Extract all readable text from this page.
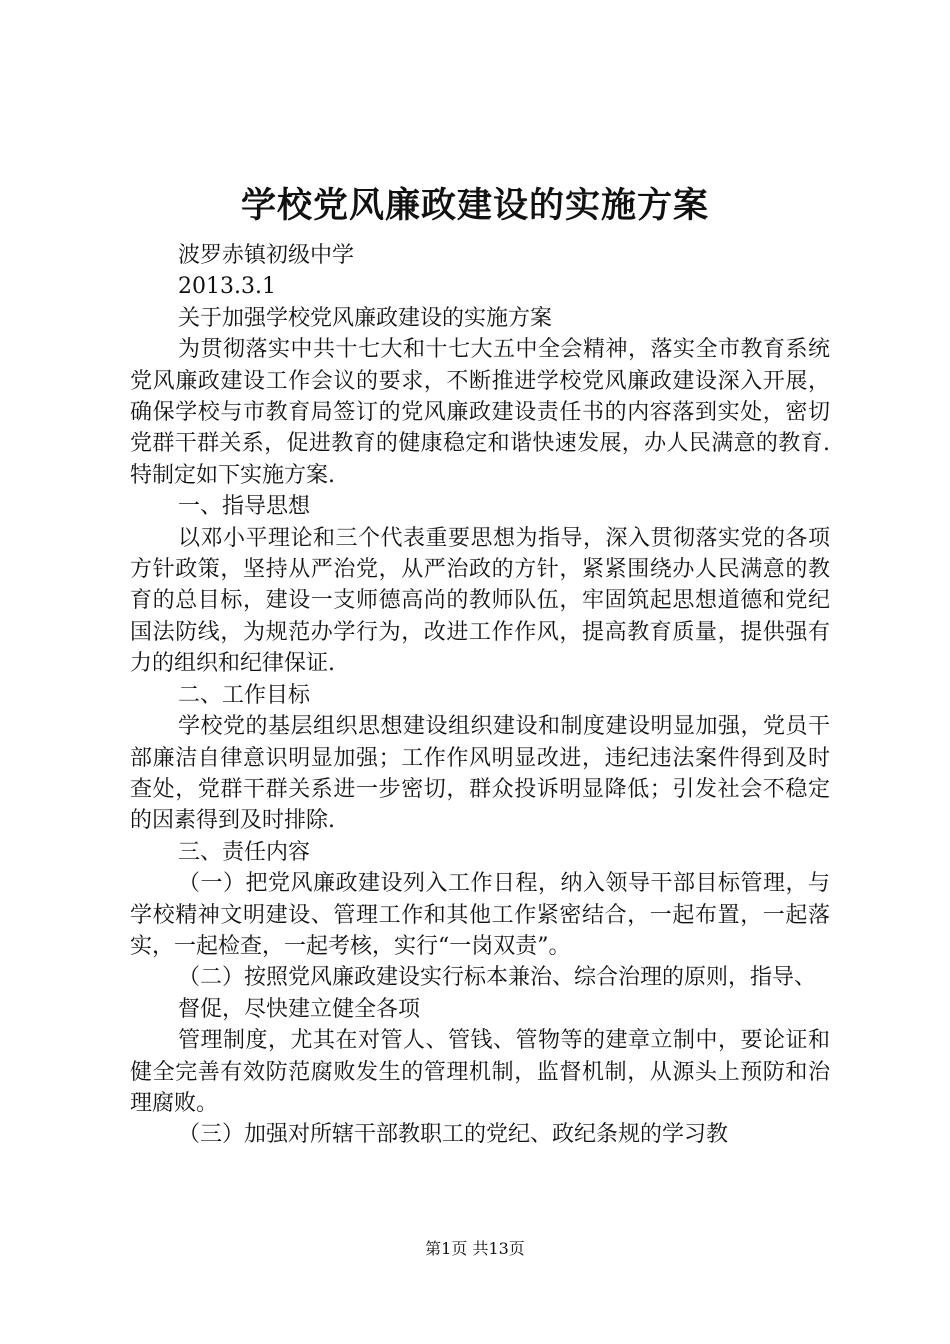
学校党风廉政建设的实施方案

波罗赤镇初级中学

2013.3.1

关于加强学校党风廉政建设的实施方案

为贯彻落实中共十七大和十七大五中全会精神，落实全市教育系统党风廉政建设工作会议的要求，不断推进学校党风廉政建设深入开展，确保学校与市教育局签订的党风廉政建设责任书的内容落到实处，密切党群干群关系，促进教育的健康稳定和谐快速发展，办人民满意的教育.特制定如下实施方案.

一、指导思想

以邓小平理论和三个代表重要思想为指导，深入贯彻落实党的各项方针政策，坚持从严治党，从严治政的方针，紧紧围绕办人民满意的教育的总目标，建设一支师德高尚的教师队伍，牢固筑起思想道德和党纪国法防线，为规范办学行为，改进工作作风，提高教育质量，提供强有力的组织和纪律保证.

二、工作目标

学校党的基层组织思想建设组织建设和制度建设明显加强，党员干部廉洁自律意识明显加强；工作作风明显改进，违纪违法案件得到及时查处，党群干群关系进一步密切，群众投诉明显降低；引发社会不稳定的因素得到及时排除.

三、责任内容

（一）把党风廉政建设列入工作日程，纳入领导干部目标管理，与学校精神文明建设、管理工作和其他工作紧密结合，一起布置，一起落实，一起检查，一起考核，实行“一岗双责”。

（二）按照党风廉政建设实行标本兼治、综合治理的原则，指导、

督促，尽快建立健全各项

管理制度，尤其在对管人、管钱、管物等的建章立制中，要论证和健全完善有效防范腐败发生的管理机制，监督机制，从源头上预防和治理腐败。

（三）加强对所辖干部教职工的党纪、政纪条规的学习教

第1页 共13页
